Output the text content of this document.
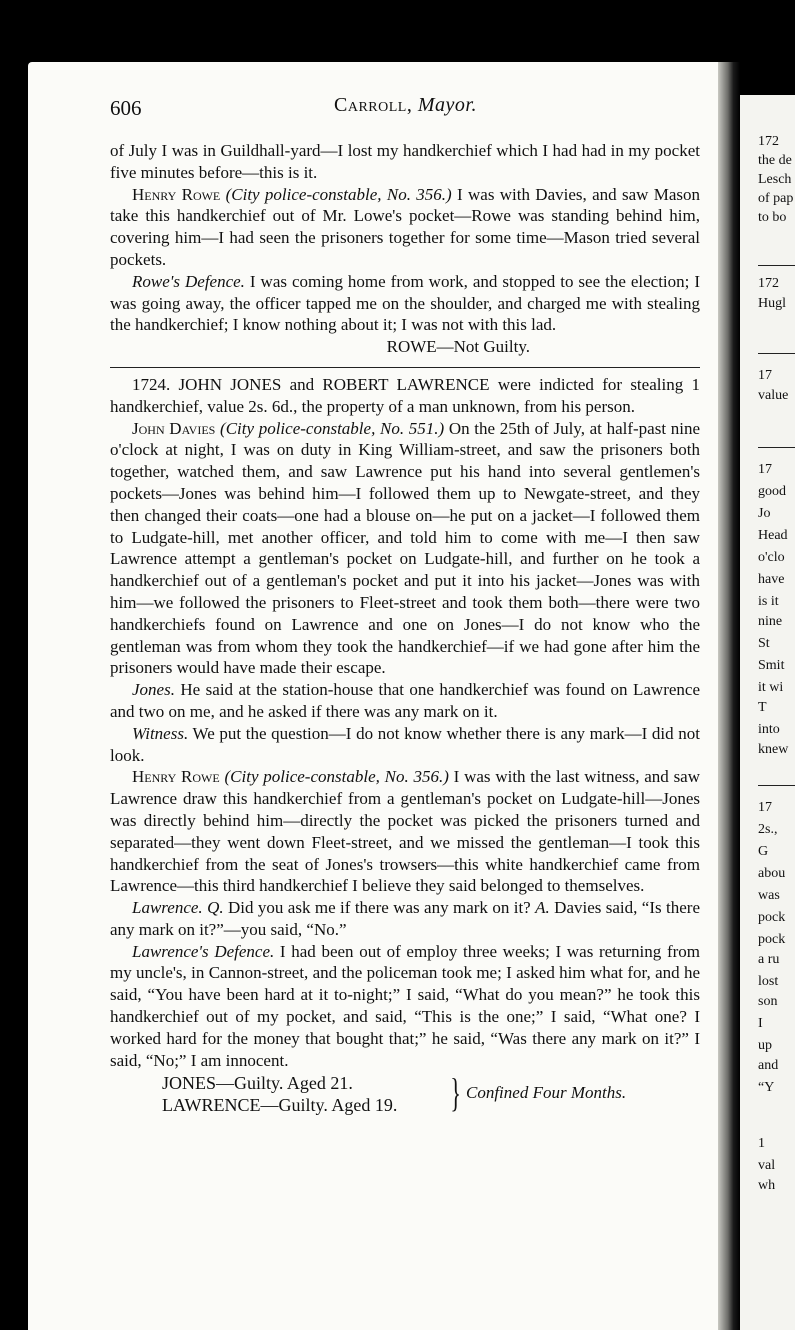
172
the de
Lesch
of pap
to bo
172
Hugl
17
value
17
good
Jo
Head
o'clo
have
is it
nine
St
Smit
it wi
T
into
knew
17
2s.,
G
abou
was
pock
pock
a ru
lost
son
I
up
and
“Y
1
val
wh
606	Carroll, Mayor.

of July I was in Guildhall-yard—I lost my handkerchief which I had had in my pocket five minutes before—this is it.

Henry Rowe (City police-constable, No. 356.) I was with Davies, and saw Mason take this handkerchief out of Mr. Lowe's pocket—Rowe was standing behind him, covering him—I had seen the prisoners together for some time—Mason tried several pockets.

Rowe's Defence. I was coming home from work, and stopped to see the election; I was going away, the officer tapped me on the shoulder, and charged me with stealing the handkerchief; I know nothing about it; I was not with this lad.

ROWE—Not Guilty.

1724. JOHN JONES and ROBERT LAWRENCE were indicted for stealing 1 handkerchief, value 2s. 6d., the property of a man unknown, from his person.

John Davies (City police-constable, No. 551.) On the 25th of July, at half-past nine o'clock at night, I was on duty in King William-street, and saw the prisoners both together, watched them, and saw Lawrence put his hand into several gentlemen's pockets—Jones was behind him—I followed them up to Newgate-street, and they then changed their coats—one had a blouse on—he put on a jacket—I followed them to Ludgate-hill, met another officer, and told him to come with me—I then saw Lawrence attempt a gentleman's pocket on Ludgate-hill, and further on he took a handkerchief out of a gentleman's pocket and put it into his jacket—Jones was with him—we followed the prisoners to Fleet-street and took them both—there were two handkerchiefs found on Lawrence and one on Jones—I do not know who the gentleman was from whom they took the handkerchief—if we had gone after him the prisoners would have made their escape.

Jones. He said at the station-house that one handkerchief was found on Lawrence and two on me, and he asked if there was any mark on it.

Witness. We put the question—I do not know whether there is any mark—I did not look.

Henry Rowe (City police-constable, No. 356.) I was with the last witness, and saw Lawrence draw this handkerchief from a gentleman's pocket on Ludgate-hill—Jones was directly behind him—directly the pocket was picked the prisoners turned and separated—they went down Fleet-street, and we missed the gentleman—I took this handkerchief from the seat of Jones's trowsers—this white handkerchief came from Lawrence—this third handkerchief I believe they said belonged to themselves.

Lawrence. Q. Did you ask me if there was any mark on it? A. Davies said, “Is there any mark on it?”—you said, “No.”

Lawrence's Defence. I had been out of employ three weeks; I was returning from my uncle's, in Cannon-street, and the policeman took me; I asked him what for, and he said, “You have been hard at it to-night;” I said, “What do you mean?” he took this handkerchief out of my pocket, and said, “This is the one;” I said, “What one? I worked hard for the money that bought that;” he said, “Was there any mark on it?” I said, “No;” I am innocent.

JONES—Guilty. Aged 21.
LAWRENCE—Guilty. Aged 19. } Confined Four Months.
